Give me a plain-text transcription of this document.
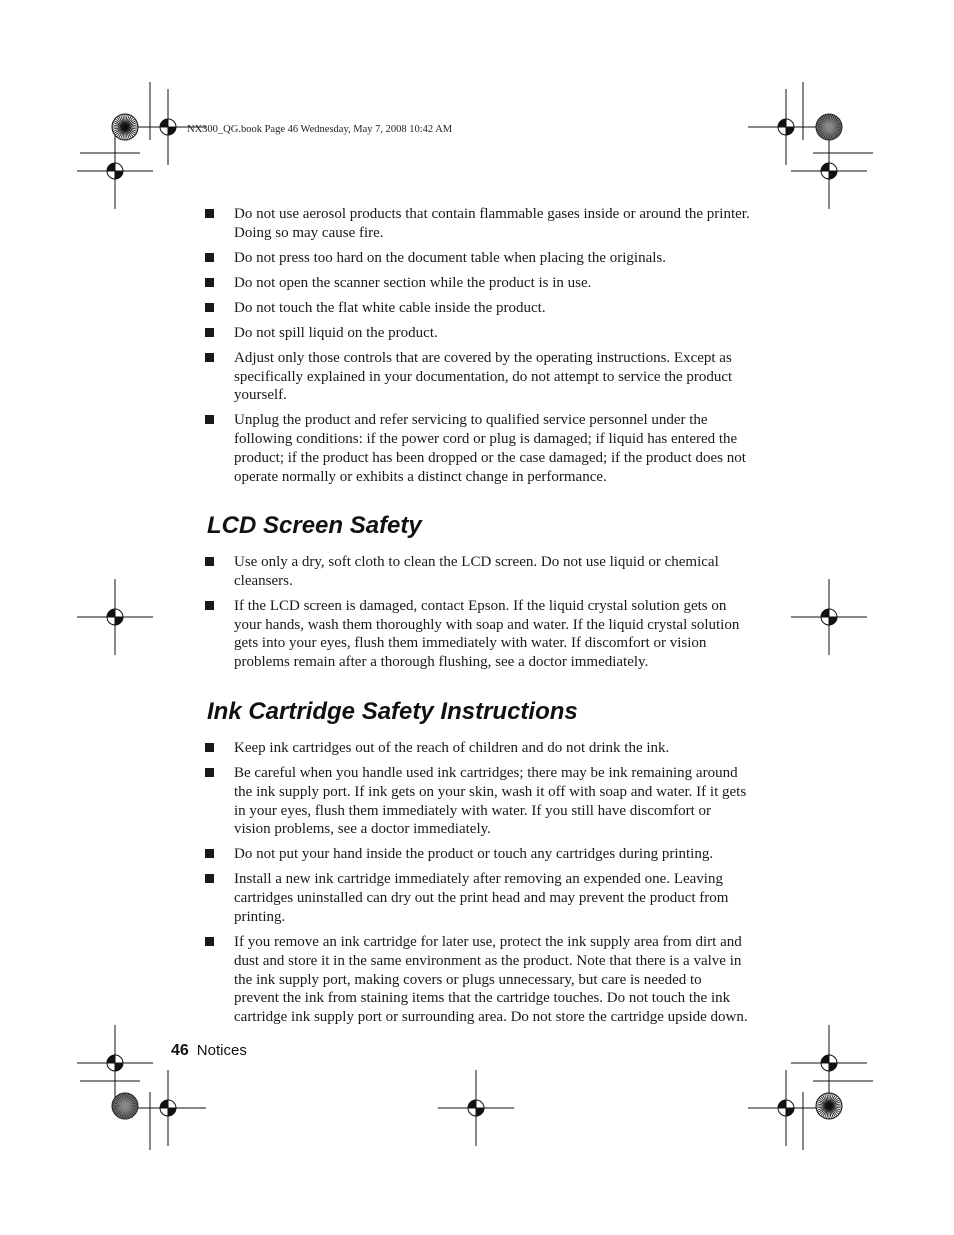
NX300_QG.book Page 46 Wednesday, May 7, 2008 10:42 AM
Do not use aerosol products that contain flammable gases inside or around the printer. Doing so may cause fire.
Do not press too hard on the document table when placing the originals.
Do not open the scanner section while the product is in use.
Do not touch the flat white cable inside the product.
Do not spill liquid on the product.
Adjust only those controls that are covered by the operating instructions. Except as specifically explained in your documentation, do not attempt to service the product yourself.
Unplug the product and refer servicing to qualified service personnel under the following conditions: if the power cord or plug is damaged; if liquid has entered the product; if the product has been dropped or the case damaged; if the product does not operate normally or exhibits a distinct change in performance.
LCD Screen Safety
Use only a dry, soft cloth to clean the LCD screen. Do not use liquid or chemical cleansers.
If the LCD screen is damaged, contact Epson. If the liquid crystal solution gets on your hands, wash them thoroughly with soap and water. If the liquid crystal solution gets into your eyes, flush them immediately with water. If discomfort or vision problems remain after a thorough flushing, see a doctor immediately.
Ink Cartridge Safety Instructions
Keep ink cartridges out of the reach of children and do not drink the ink.
Be careful when you handle used ink cartridges; there may be ink remaining around the ink supply port. If ink gets on your skin, wash it off with soap and water. If it gets in your eyes, flush them immediately with water. If you still have discomfort or vision problems, see a doctor immediately.
Do not put your hand inside the product or touch any cartridges during printing.
Install a new ink cartridge immediately after removing an expended one. Leaving cartridges uninstalled can dry out the print head and may prevent the product from printing.
If you remove an ink cartridge for later use, protect the ink supply area from dirt and dust and store it in the same environment as the product. Note that there is a valve in the ink supply port, making covers or plugs unnecessary, but care is needed to prevent the ink from staining items that the cartridge touches. Do not touch the ink cartridge ink supply port or surrounding area. Do not store the cartridge upside down.
46 Notices
